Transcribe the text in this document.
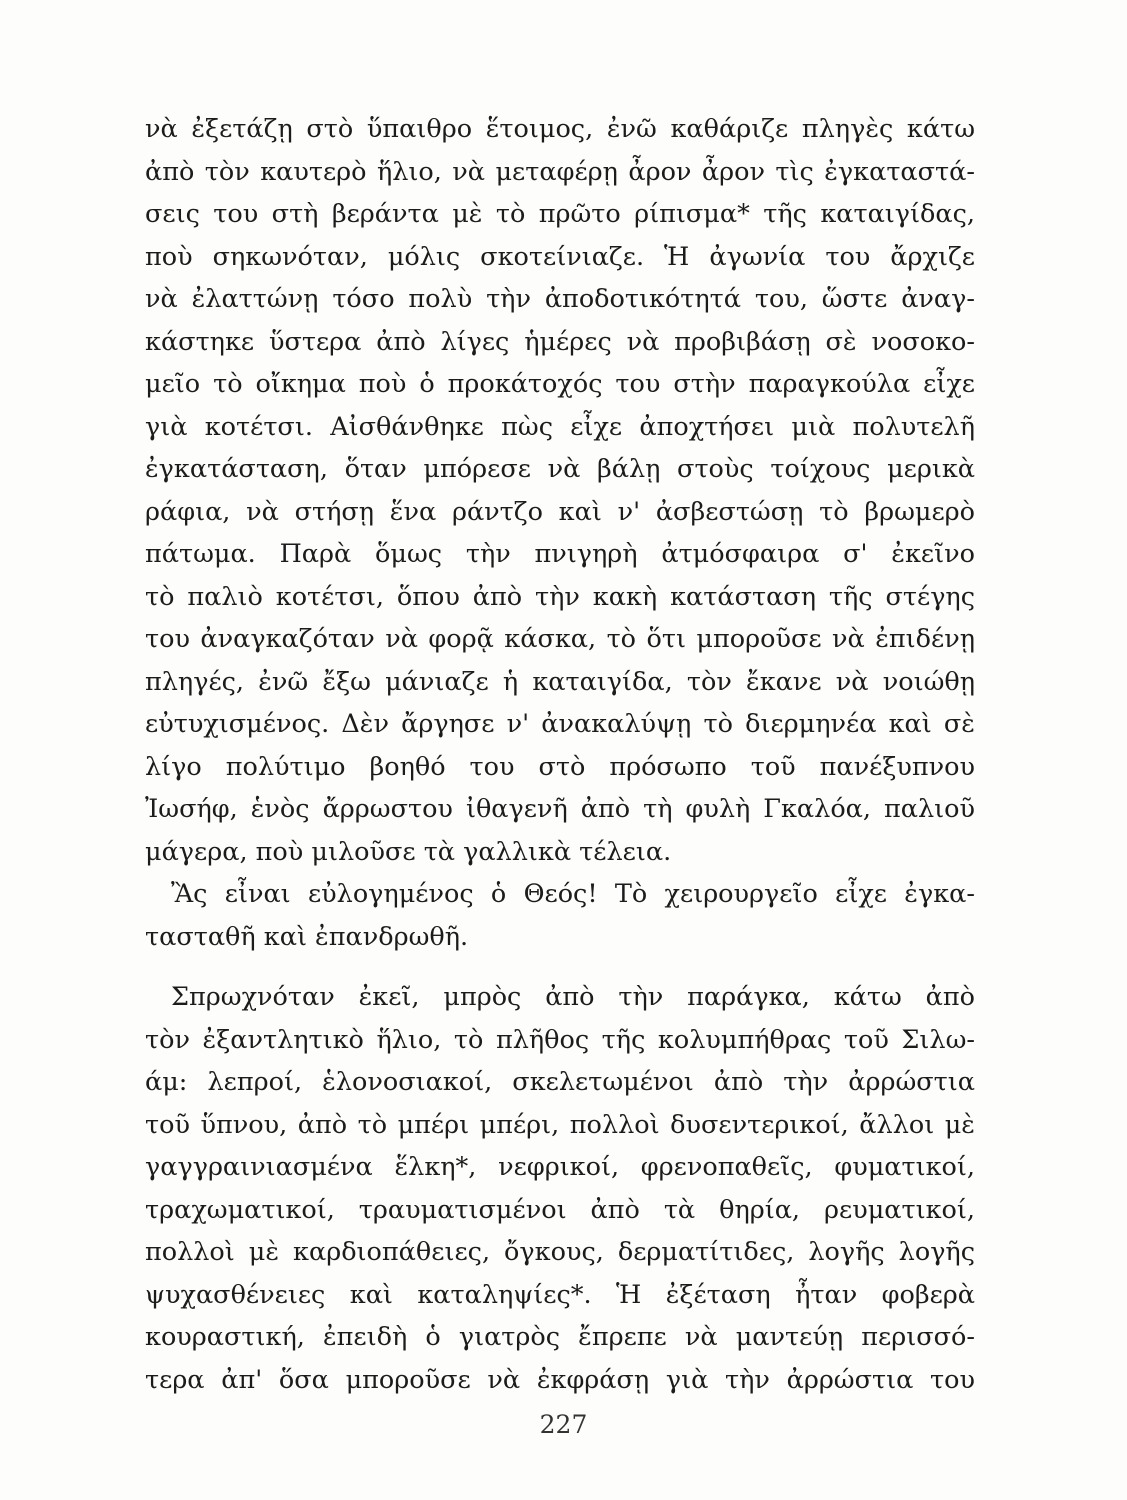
νὰ ἐξετάζῃ στὸ ὕπαιθρο ἕτοιμος, ἐνῶ καθάριζε πληγὲς κάτω
ἀπὸ τὸν καυτερὸ ἥλιο, νὰ μεταφέρῃ ἆρον ἆρον τὶς ἐγκαταστά-
σεις του στὴ βεράντα μὲ τὸ πρῶτο ρίπισμα* τῆς καταιγίδας,
ποὺ σηκωνόταν, μόλις σκοτείνιαζε. Ἡ ἀγωνία του ἄρχιζε
νὰ ἐλαττώνῃ τόσο πολὺ τὴν ἀποδοτικότητά του, ὥστε ἀναγ-
κάστηκε ὕστερα ἀπὸ λίγες ἡμέρες νὰ προβιβάσῃ σὲ νοσοκο-
μεῖο τὸ οἴκημα ποὺ ὁ προκάτοχός του στὴν παραγκούλα εἶχε
γιὰ κοτέτσι. Αἰσθάνθηκε πὼς εἶχε ἀποχτήσει μιὰ πολυτελῆ
ἐγκατάσταση, ὅταν μπόρεσε νὰ βάλῃ στοὺς τοίχους μερικὰ
ράφια, νὰ στήσῃ ἕνα ράντζο καὶ ν' ἀσβεστώσῃ τὸ βρωμερὸ
πάτωμα. Παρὰ ὅμως τὴν πνιγηρὴ ἀτμόσφαιρα σ' ἐκεῖνο
τὸ παλιὸ κοτέτσι, ὅπου ἀπὸ τὴν κακὴ κατάσταση τῆς στέγης
του ἀναγκαζόταν νὰ φορᾷ κάσκα, τὸ ὅτι μποροῦσε νὰ ἐπιδένῃ
πληγές, ἐνῶ ἔξω μάνιαζε ἡ καταιγίδα, τὸν ἔκανε νὰ νοιώθῃ
εὐτυχισμένος. Δὲν ἄργησε ν' ἀνακαλύψῃ τὸ διερμηνέα καὶ σὲ
λίγο πολύτιμο βοηθό του στὸ πρόσωπο τοῦ πανέξυπνου
Ἰωσήφ, ἑνὸς ἄρρωστου ἰθαγενῆ ἀπὸ τὴ φυλὴ Γκαλόα, παλιοῦ
μάγερα, ποὺ μιλοῦσε τὰ γαλλικὰ τέλεια.
Ἂς εἶναι εὐλογημένος ὁ Θεός! Τὸ χειρουργεῖο εἶχε ἐγκα-
τασταθῆ καὶ ἐπανδρωθῆ.
Σπρωχνόταν ἐκεῖ, μπρὸς ἀπὸ τὴν παράγκα, κάτω ἀπὸ
τὸν ἐξαντλητικὸ ἥλιο, τὸ πλῆθος τῆς κολυμπήθρας τοῦ Σιλω-
άμ: λεπροί, ἑλονοσιακοί, σκελετωμένοι ἀπὸ τὴν ἀρρώστια
τοῦ ὕπνου, ἀπὸ τὸ μπέρι μπέρι, πολλοὶ δυσεντερικοί, ἄλλοι μὲ
γαγγραινιασμένα ἕλκη*, νεφρικοί, φρενοπαθεῖς, φυματικοί,
τραχωματικοί, τραυματισμένοι ἀπὸ τὰ θηρία, ρευματικοί,
πολλοὶ μὲ καρδιοπάθειες, ὄγκους, δερματίτιδες, λογῆς λογῆς
ψυχασθένειες καὶ καταληψίες*. Ἡ ἐξέταση ἦταν φοβερὰ
κουραστική, ἐπειδὴ ὁ γιατρὸς ἔπρεπε νὰ μαντεύῃ περισσό-
τερα ἀπ' ὅσα μποροῦσε νὰ ἐκφράσῃ γιὰ τὴν ἀρρώστια του
227
